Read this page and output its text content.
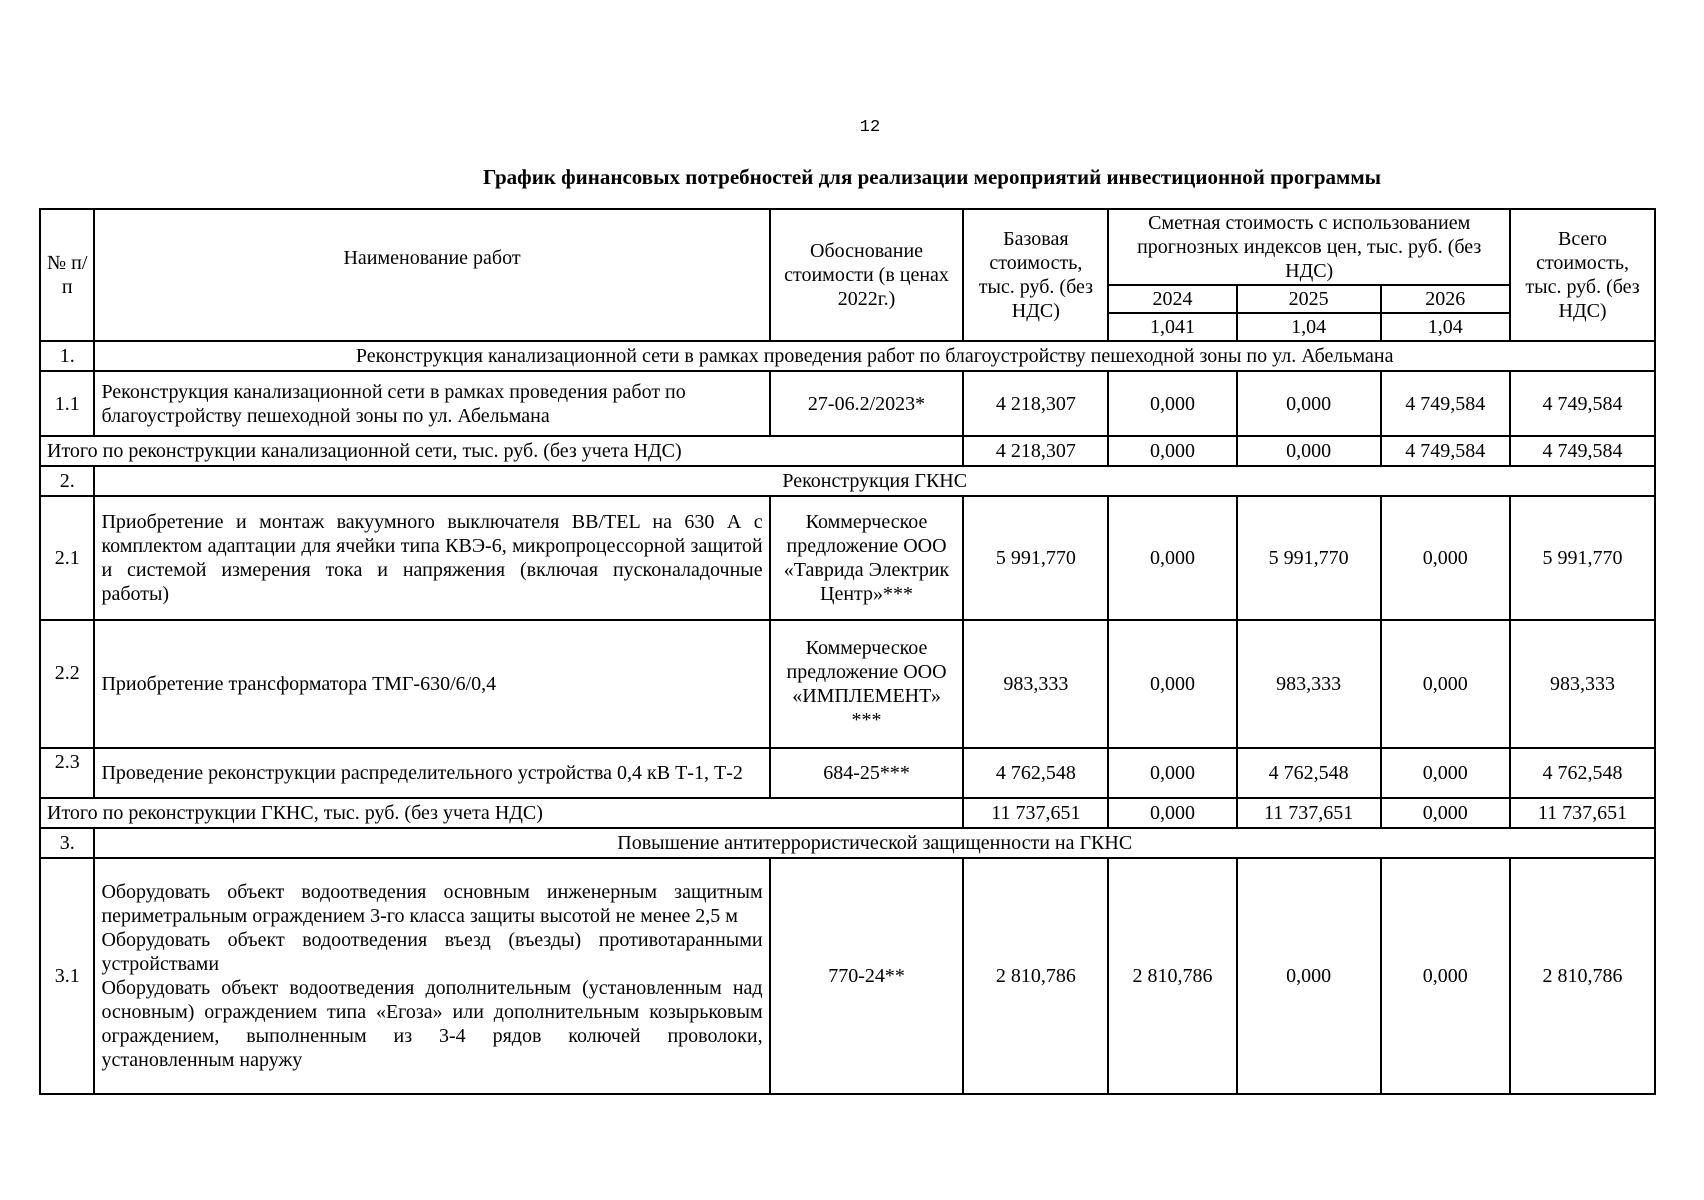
12
График финансовых потребностей для реализации мероприятий инвестиционной программы
№ п/п	Наименование работ	Обоснование стоимости (в ценах 2022г.)	Базовая стоимость, тыс. руб. (без НДС)	Сметная стоимость с использованием прогнозных индексов цен, тыс. руб. (без НДС)			Всего стоимость, тыс. руб. (без НДС)
				2024	2025	2026	
				1,041	1,04	1,04	
1.	Реконструкция канализационной сети в рамках проведения работ по благоустройству пешеходной зоны по ул. Абельмана						
1.1	Реконструкция канализационной сети в рамках проведения работ по благоустройству пешеходной зоны по ул. Абельмана	27-06.2/2023*	4 218,307	0,000	0,000	4 749,584	4 749,584
Итого по реконструкции канализационной сети, тыс. руб. (без учета НДС)			4 218,307	0,000	0,000	4 749,584	4 749,584
2.	Реконструкция ГКНС						
2.1	Приобретение и монтаж вакуумного выключателя BB/TEL на 630 А с комплектом адаптации для ячейки типа КВЭ-6, микропроцессорной защитой и системой измерения тока и напряжения (включая пусконаладочные работы)	Коммерческое предложение ООО «Таврида Электрик Центр»***	5 991,770	0,000	5 991,770	0,000	5 991,770
2.2	Приобретение трансформатора ТМГ-630/6/0,4	Коммерческое предложение ООО «ИМПЛЕМЕНТ» ***	983,333	0,000	983,333	0,000	983,333
2.3	Проведение реконструкции распределительного устройства 0,4 кВ Т-1, Т-2	684-25***	4 762,548	0,000	4 762,548	0,000	4 762,548
Итого по реконструкции ГКНС, тыс. руб. (без учета НДС)			11 737,651	0,000	11 737,651	0,000	11 737,651
3.	Повышение антитеррористической защищенности на ГКНС						
3.1	Оборудовать объект водоотведения основным инженерным защитным периметральным ограждением 3-го класса защиты высотой не менее 2,5 м
Оборудовать объект водоотведения въезд (въезды) противотаранными устройствами
Оборудовать объект водоотведения дополнительным (установленным над основным) ограждением типа «Егоза» или дополнительным козырьковым ограждением, выполненным из 3-4 рядов колючей проволоки, установленным наружу	770-24**	2 810,786	2 810,786	0,000	0,000	2 810,786
